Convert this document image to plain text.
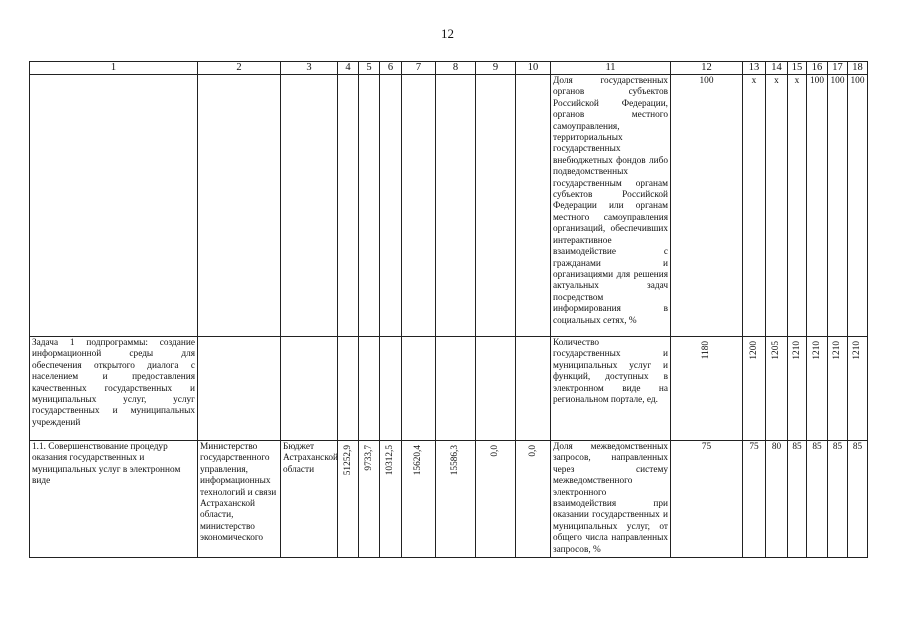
12
1	2	3	4	5	6	7	8	9	10	11	12	13	14	15	16	17	18
										Доля государственных органов субъектов Российской Федерации, органов местного самоуправления, территориальных государственных внебюджетных фондов либо подведомственных государственным органам субъектов Российской Федерации или органам местного самоуправления организаций, обеспечивших интерактивное взаимодействие с гражданами и организациями для решения актуальных задач посредством информирования в социальных сетях, %	100	x	x	x	100	100	100
Задача 1 подпрограммы: создание информационной среды для обеспечения открытого диалога с населением и предоставления качественных государственных и муниципальных услуг, услуг государственных и муниципальных учреждений										Количество государственных и муниципальных услуг и функций, доступных в электронном виде на региональном портале, ед.	1180	1200	1205	1210	1210	1210	1210

1.1. Совершенствование процедур оказания государственных и муниципальных услуг в электронном виде	Министерство государственного управления, информационных технологий и связи Астраханской области, министерство экономического	Бюджет Астраханской области	51252,9	9733,7	10312,5	15620,4	15586,3	0,0	0,0	Доля межведомственных запросов, направленных через систему межведомственного электронного взаимодействия при оказании государственных и муниципальных услуг, от общего числа направленных запросов, %	75	75	80	85	85	85	85
